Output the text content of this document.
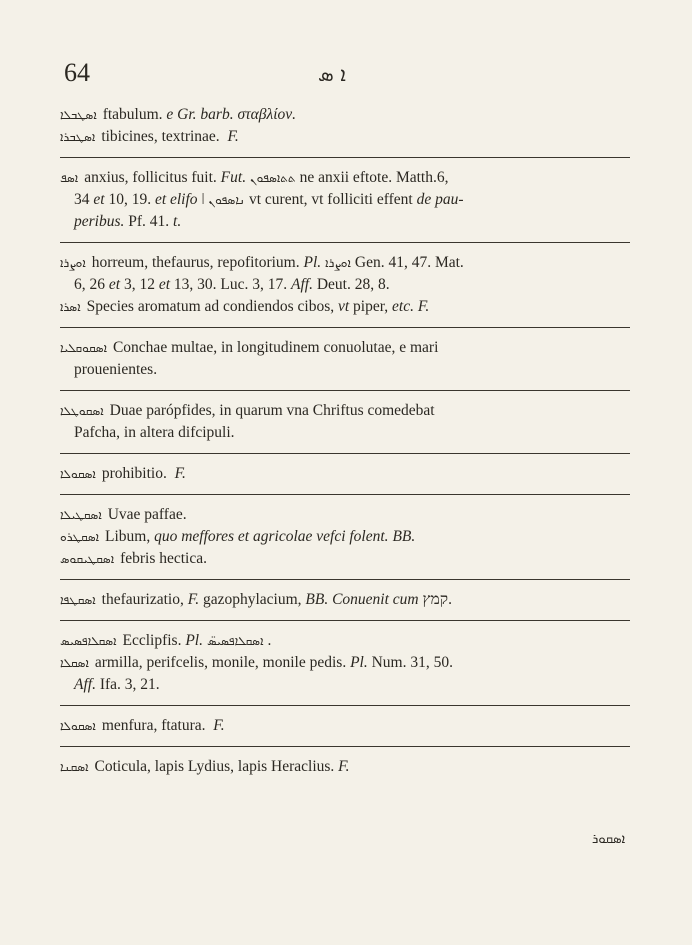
64	ܐ ܣ

ܐܣܛܒܠܐ ftabulum. e Gr. barb. σταβλίον.

ܐܣܛܒܪܐ tibicines, textrinae. F.

ܐܣܦ anxius, follicitus fuit. Fut. ܬܬܐܣܦܘܢ ne anxii eftote. Matth.6,

34 et 10, 19. et elifo ǀ ܢܐܣܦܘܢ vt curent, vt folliciti effent de pau-

peribus. Pf. 41. t.

ܐܘܨܪܐ horreum, thefaurus, repofitorium. Pl. ܐܘܨܪܐ Gen. 41, 47. Mat.

6, 26 et 3, 12 et 13, 30. Luc. 3, 17. Aff. Deut. 28, 8.

ܐܣܪܐ Species aromatum ad condiendos cibos, vt piper, etc. F.

ܐܣܩܘܩܠܝܐ Conchae multae, in longitudinem conuolutae, e mari

prouenientes.

ܐܣܩܘܛܠܐ Duae parópfides, in quarum vna Chriftus comedebat

Pafcha, in altera difcipuli.

ܐܣܩܘܠܐ prohibitio. F.

ܐܣܩܛܝܠܐ Uvae paffae.

ܐܣܩܛܪܘ Libum, quo meffores et agricolae vefci folent. BB.

ܐܣܩܛܝܩܘܣ febris hectica.

ܐܣܩܛܦܐ thefaurizatio, F. gazophylacium, BB. Conuenit cum קמץ.

ܐܣܩܠܐܦܣܝܣ Ecclipfis. Pl. ܐܣܩܠܐܦܣܝܣ̈ .

ܐܣܩܠܐ armilla, perifcelis, monile, monile pedis. Pl. Num. 31, 50.

Aff. Ifa. 3, 21.

ܐܣܩܘܠܐ menfura, ftatura. F.

ܐܣܩܢܐ Coticula, lapis Lydius, lapis Heraclius. F.

ܐܣܩܘܪ
